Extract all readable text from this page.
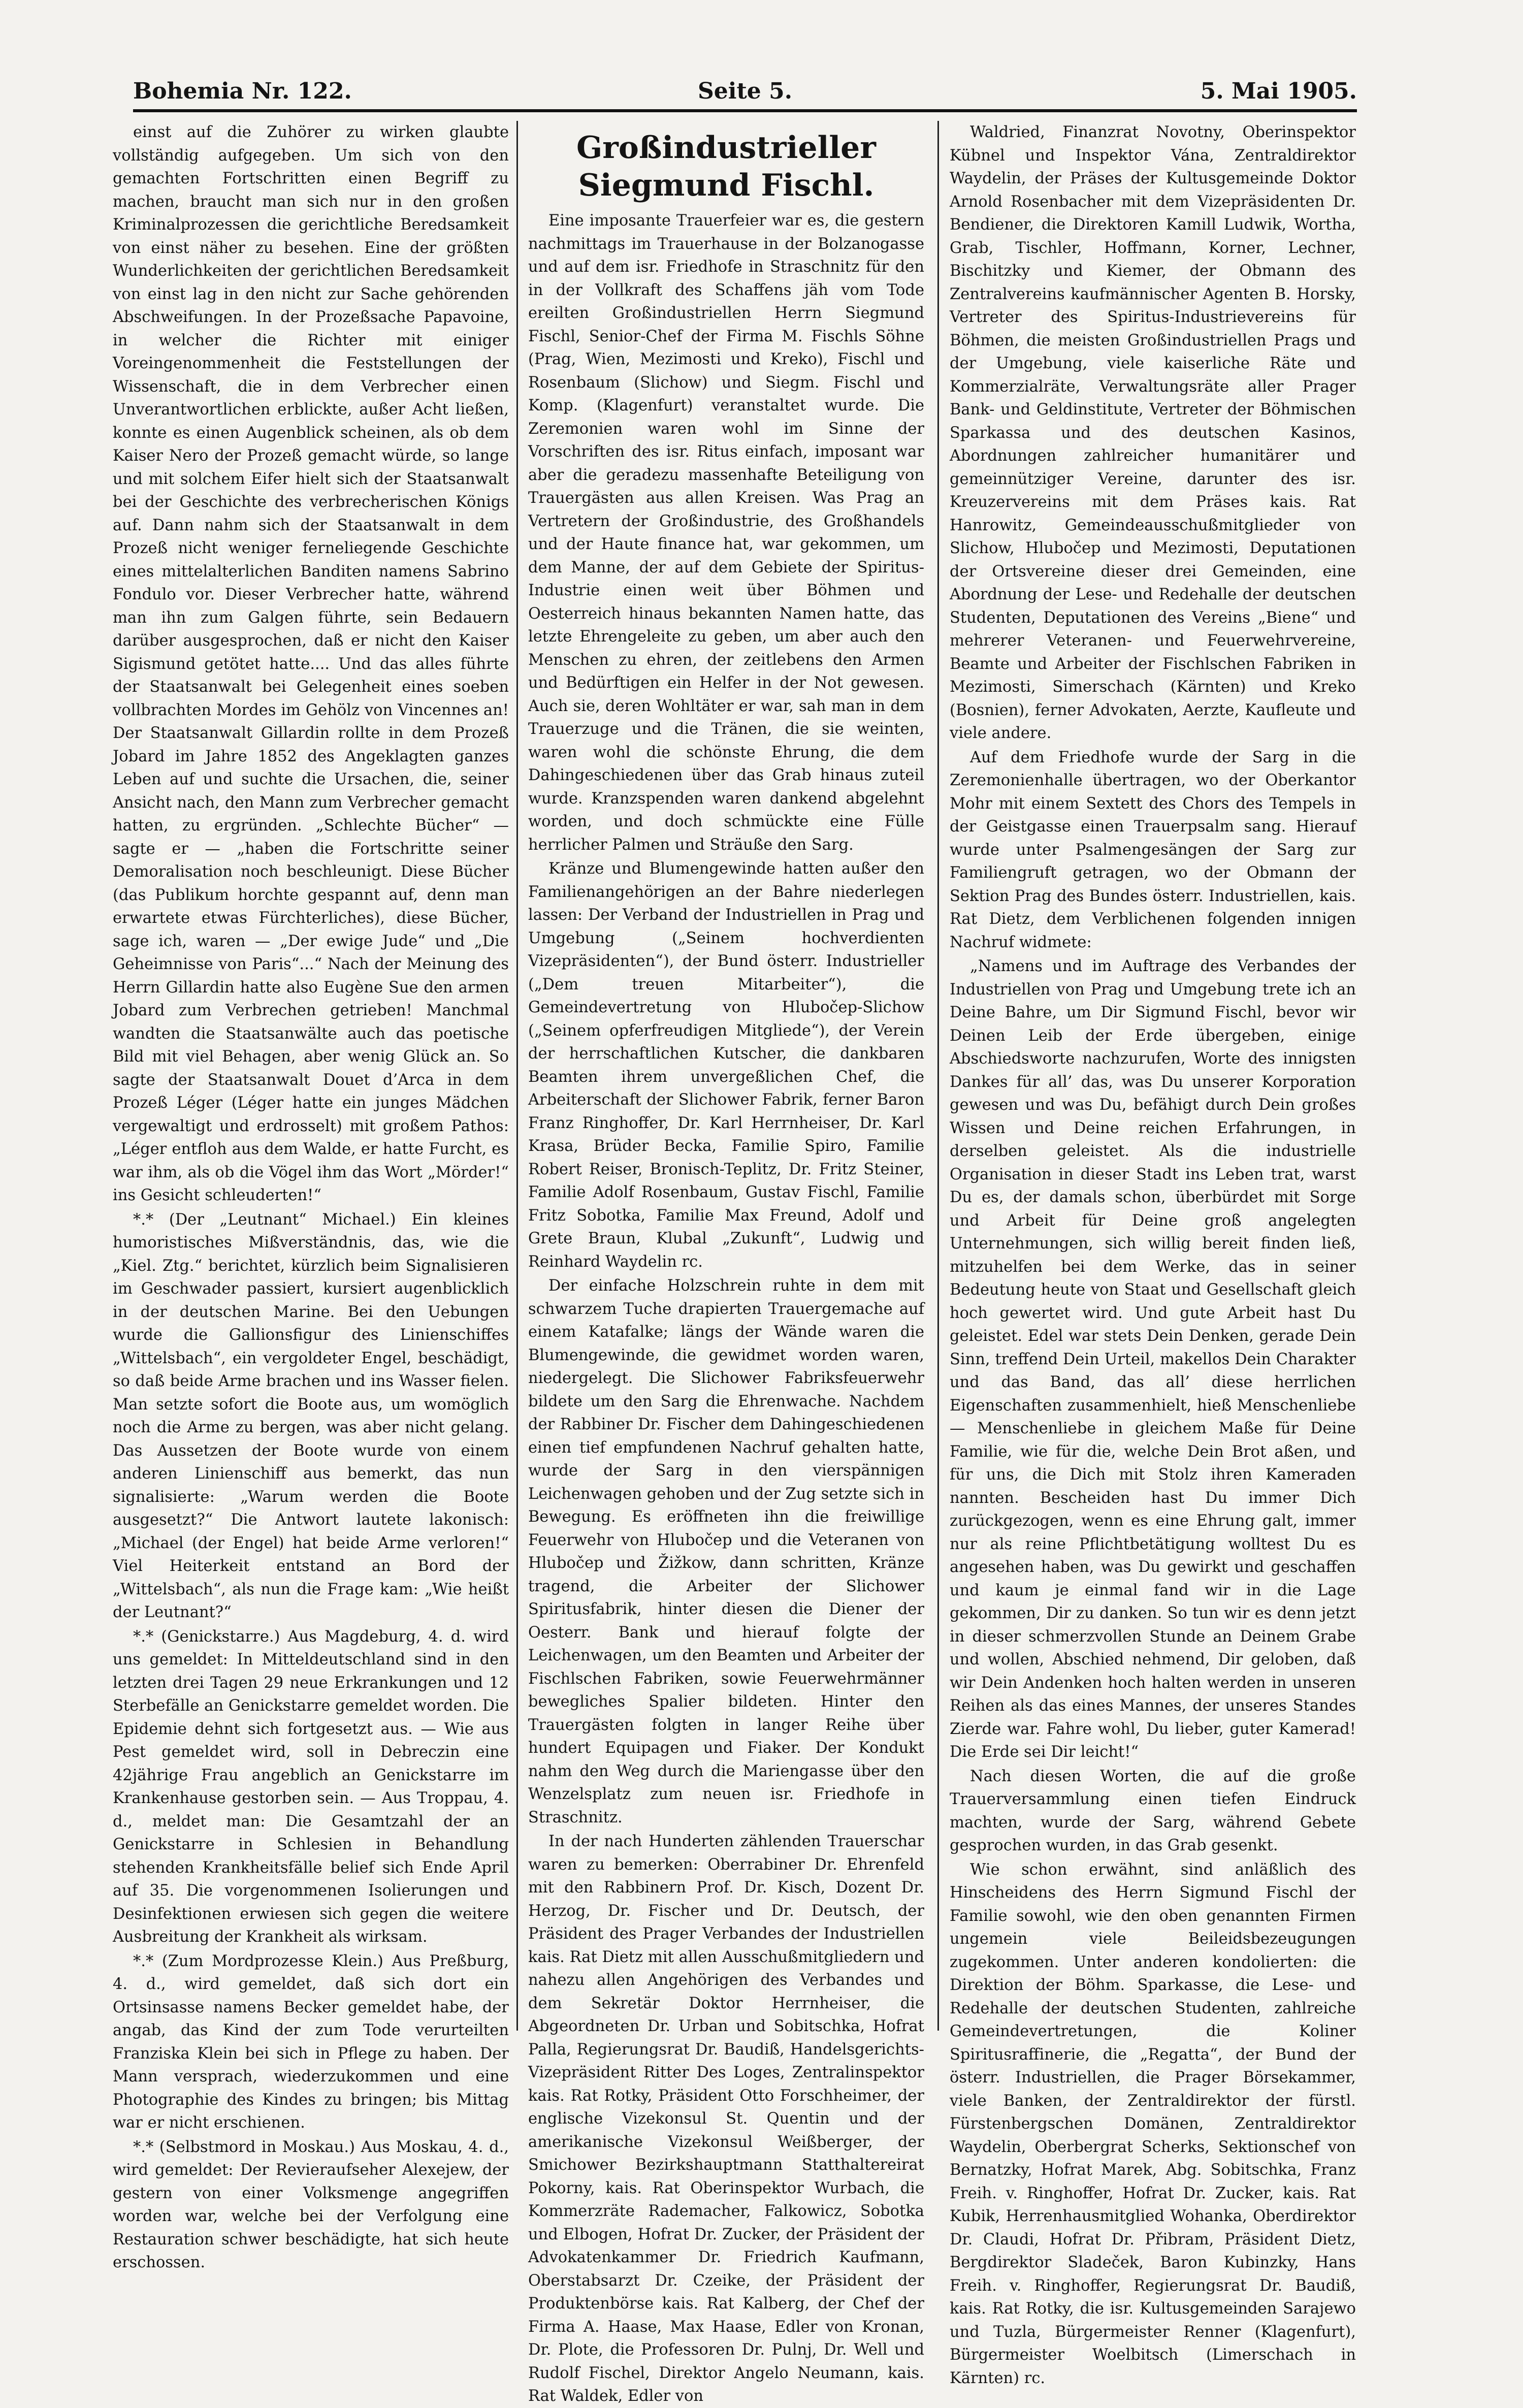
Bohemia Nr. 122.	Seite 5.	5. Mai 1905.

einst auf die Zuhörer zu wirken glaubte vollständig aufgegeben. Um sich von den gemachten Fortschritten einen Begriff zu machen, braucht man sich nur in den großen Kriminalprozessen die gerichtliche Beredsamkeit von einst näher zu besehen. Eine der größten Wunderlichkeiten der gerichtlichen Beredsamkeit von einst lag in den nicht zur Sache gehörenden Abschweifungen. In der Prozeßsache Papavoine, in welcher die Richter mit einiger Voreingenommenheit die Feststellungen der Wissenschaft, die in dem Verbrecher einen Unverantwortlichen erblickte, außer Acht ließen, konnte es einen Augenblick scheinen, als ob dem Kaiser Nero der Prozeß gemacht würde, so lange und mit solchem Eifer hielt sich der Staatsanwalt bei der Geschichte des verbrecherischen Königs auf. Dann nahm sich der Staatsanwalt in dem Prozeß nicht weniger ferneliegende Geschichte eines mittelalterlichen Banditen namens Sabrino Fondulo vor. Dieser Verbrecher hatte, während man ihn zum Galgen führte, sein Bedauern darüber ausgesprochen, daß er nicht den Kaiser Sigismund getötet hatte.... Und das alles führte der Staatsanwalt bei Gelegenheit eines soeben vollbrachten Mordes im Gehölz von Vincennes an! Der Staatsanwalt Gillardin rollte in dem Prozeß Jobard im Jahre 1852 des Angeklagten ganzes Leben auf und suchte die Ursachen, die, seiner Ansicht nach, den Mann zum Verbrecher gemacht hatten, zu ergründen. „Schlechte Bücher“ — sagte er — „haben die Fortschritte seiner Demoralisation noch beschleunigt. Diese Bücher (das Publikum horchte gespannt auf, denn man erwartete etwas Fürchterliches), diese Bücher, sage ich, waren — „Der ewige Jude“ und „Die Geheimnisse von Paris“...“ Nach der Meinung des Herrn Gillardin hatte also Eugène Sue den armen Jobard zum Verbrechen getrieben! Manchmal wandten die Staatsanwälte auch das poetische Bild mit viel Behagen, aber wenig Glück an. So sagte der Staatsanwalt Douet d’Arca in dem Prozeß Léger (Léger hatte ein junges Mädchen vergewaltigt und erdrosselt) mit großem Pathos: „Léger entfloh aus dem Walde, er hatte Furcht, es war ihm, als ob die Vögel ihm das Wort „Mörder!“ ins Gesicht schleuderten!“

*.* (Der „Leutnant“ Michael.) Ein kleines humoristisches Mißverständnis, das, wie die „Kiel. Ztg.“ berichtet, kürzlich beim Signalisieren im Geschwader passiert, kursiert augenblicklich in der deutschen Marine. Bei den Uebungen wurde die Gallionsfigur des Linienschiffes „Wittelsbach“, ein vergoldeter Engel, beschädigt, so daß beide Arme brachen und ins Wasser fielen. Man setzte sofort die Boote aus, um womöglich noch die Arme zu bergen, was aber nicht gelang. Das Aussetzen der Boote wurde von einem anderen Linienschiff aus bemerkt, das nun signalisierte: „Warum werden die Boote ausgesetzt?“ Die Antwort lautete lakonisch: „Michael (der Engel) hat beide Arme verloren!“ Viel Heiterkeit entstand an Bord der „Wittelsbach“, als nun die Frage kam: „Wie heißt der Leutnant?“

*.* (Genickstarre.) Aus Magdeburg, 4. d. wird uns gemeldet: In Mitteldeutschland sind in den letzten drei Tagen 29 neue Erkrankungen und 12 Sterbefälle an Genickstarre gemeldet worden. Die Epidemie dehnt sich fortgesetzt aus. — Wie aus Pest gemeldet wird, soll in Debreczin eine 42jährige Frau angeblich an Genickstarre im Krankenhause gestorben sein. — Aus Troppau, 4. d., meldet man: Die Gesamtzahl der an Genickstarre in Schlesien in Behandlung stehenden Krankheitsfälle belief sich Ende April auf 35. Die vorgenommenen Isolierungen und Desinfektionen erwiesen sich gegen die weitere Ausbreitung der Krankheit als wirksam.

*.* (Zum Mordprozesse Klein.) Aus Preßburg, 4. d., wird gemeldet, daß sich dort ein Ortsinsasse namens Becker gemeldet habe, der angab, das Kind der zum Tode verurteilten Franziska Klein bei sich in Pflege zu haben. Der Mann versprach, wiederzukommen und eine Photographie des Kindes zu bringen; bis Mittag war er nicht erschienen.

*.* (Selbstmord in Moskau.) Aus Moskau, 4. d., wird gemeldet: Der Revieraufseher Alexejew, der gestern von einer Volksmenge angegriffen worden war, welche bei der Verfolgung eine Restauration schwer beschädigte, hat sich heute erschossen.

Großindustrieller Siegmund Fischl.

Eine imposante Trauerfeier war es, die gestern nachmittags im Trauerhause in der Bolzanogasse und auf dem isr. Friedhofe in Straschnitz für den in der Vollkraft des Schaffens jäh vom Tode ereilten Großindustriellen Herrn Siegmund Fischl, Senior-Chef der Firma M. Fischls Söhne (Prag, Wien, Mezimosti und Kreko), Fischl und Rosenbaum (Slichow) und Siegm. Fischl und Komp. (Klagenfurt) veranstaltet wurde. Die Zeremonien waren wohl im Sinne der Vorschriften des isr. Ritus einfach, imposant war aber die geradezu massenhafte Beteiligung von Trauergästen aus allen Kreisen. Was Prag an Vertretern der Großindustrie, des Großhandels und der Haute finance hat, war gekommen, um dem Manne, der auf dem Gebiete der Spiritus-Industrie einen weit über Böhmen und Oesterreich hinaus bekannten Namen hatte, das letzte Ehrengeleite zu geben, um aber auch den Menschen zu ehren, der zeitlebens den Armen und Bedürftigen ein Helfer in der Not gewesen. Auch sie, deren Wohltäter er war, sah man in dem Trauerzuge und die Tränen, die sie weinten, waren wohl die schönste Ehrung, die dem Dahingeschiedenen über das Grab hinaus zuteil wurde. Kranzspenden waren dankend abgelehnt worden, und doch schmückte eine Fülle herrlicher Palmen und Sträuße den Sarg.

Kränze und Blumengewinde hatten außer den Familienangehörigen an der Bahre niederlegen lassen: Der Verband der Industriellen in Prag und Umgebung („Seinem hochverdienten Vizepräsidenten“), der Bund österr. Industrieller („Dem treuen Mitarbeiter“), die Gemeindevertretung von Hlubočep-Slichow („Seinem opferfreudigen Mitgliede“), der Verein der herrschaftlichen Kutscher, die dankbaren Beamten ihrem unvergeßlichen Chef, die Arbeiterschaft der Slichower Fabrik, ferner Baron Franz Ringhoffer, Dr. Karl Herrnheiser, Dr. Karl Krasa, Brüder Becka, Familie Spiro, Familie Robert Reiser, Bronisch-Teplitz, Dr. Fritz Steiner, Familie Adolf Rosenbaum, Gustav Fischl, Familie Fritz Sobotka, Familie Max Freund, Adolf und Grete Braun, Klubal „Zukunft“, Ludwig und Reinhard Waydelin rc.

Der einfache Holzschrein ruhte in dem mit schwarzem Tuche drapierten Trauergemache auf einem Katafalke; längs der Wände waren die Blumengewinde, die gewidmet worden waren, niedergelegt. Die Slichower Fabriksfeuerwehr bildete um den Sarg die Ehrenwache. Nachdem der Rabbiner Dr. Fischer dem Dahingeschiedenen einen tief empfundenen Nachruf gehalten hatte, wurde der Sarg in den vierspännigen Leichenwagen gehoben und der Zug setzte sich in Bewegung. Es eröffneten ihn die freiwillige Feuerwehr von Hlubočep und die Veteranen von Hlubočep und Žižkow, dann schritten, Kränze tragend, die Arbeiter der Slichower Spiritusfabrik, hinter diesen die Diener der Oesterr. Bank und hierauf folgte der Leichenwagen, um den Beamten und Arbeiter der Fischlschen Fabriken, sowie Feuerwehrmänner bewegliches Spalier bildeten. Hinter den Trauergästen folgten in langer Reihe über hundert Equipagen und Fiaker. Der Kondukt nahm den Weg durch die Mariengasse über den Wenzelsplatz zum neuen isr. Friedhofe in Straschnitz.

In der nach Hunderten zählenden Trauerschar waren zu bemerken: Oberrabiner Dr. Ehrenfeld mit den Rabbinern Prof. Dr. Kisch, Dozent Dr. Herzog, Dr. Fischer und Dr. Deutsch, der Präsident des Prager Verbandes der Industriellen kais. Rat Dietz mit allen Ausschußmitgliedern und nahezu allen Angehörigen des Verbandes und dem Sekretär Doktor Herrnheiser, die Abgeordneten Dr. Urban und Sobitschka, Hofrat Palla, Regierungsrat Dr. Baudiß, Handelsgerichts-Vizepräsident Ritter Des Loges, Zentralinspektor kais. Rat Rotky, Präsident Otto Forschheimer, der englische Vizekonsul St. Quentin und der amerikanische Vizekonsul Weißberger, der Smichower Bezirkshauptmann Statthaltereirat Pokorny, kais. Rat Oberinspektor Wurbach, die Kommerzräte Rademacher, Falkowicz, Sobotka und Elbogen, Hofrat Dr. Zucker, der Präsident der Advokatenkammer Dr. Friedrich Kaufmann, Oberstabsarzt Dr. Czeike, der Präsident der Produktenbörse kais. Rat Kalberg, der Chef der Firma A. Haase, Max Haase, Edler von Kronan, Dr. Plote, die Professoren Dr. Pulnj, Dr. Well und Rudolf Fischel, Direktor Angelo Neumann, kais. Rat Waldek, Edler von

Waldried, Finanzrat Novotny, Oberinspektor Kübnel und Inspektor Vána, Zentraldirektor Waydelin, der Präses der Kultusgemeinde Doktor Arnold Rosenbacher mit dem Vizepräsidenten Dr. Bendiener, die Direktoren Kamill Ludwik, Wortha, Grab, Tischler, Hoffmann, Korner, Lechner, Bischitzky und Kiemer, der Obmann des Zentralvereins kaufmännischer Agenten B. Horsky, Vertreter des Spiritus-Industrievereins für Böhmen, die meisten Großindustriellen Prags und der Umgebung, viele kaiserliche Räte und Kommerzialräte, Verwaltungsräte aller Prager Bank- und Geldinstitute, Vertreter der Böhmischen Sparkassa und des deutschen Kasinos, Abordnungen zahlreicher humanitärer und gemeinnütziger Vereine, darunter des isr. Kreuzervereins mit dem Präses kais. Rat Hanrowitz, Gemeindeausschußmitglieder von Slichow, Hlubočep und Mezimosti, Deputationen der Ortsvereine dieser drei Gemeinden, eine Abordnung der Lese- und Redehalle der deutschen Studenten, Deputationen des Vereins „Biene“ und mehrerer Veteranen- und Feuerwehrvereine, Beamte und Arbeiter der Fischlschen Fabriken in Mezimosti, Simerschach (Kärnten) und Kreko (Bosnien), ferner Advokaten, Aerzte, Kaufleute und viele andere.

Auf dem Friedhofe wurde der Sarg in die Zeremonienhalle übertragen, wo der Oberkantor Mohr mit einem Sextett des Chors des Tempels in der Geistgasse einen Trauerpsalm sang. Hierauf wurde unter Psalmengesängen der Sarg zur Familiengruft getragen, wo der Obmann der Sektion Prag des Bundes österr. Industriellen, kais. Rat Dietz, dem Verblichenen folgenden innigen Nachruf widmete:

„Namens und im Auftrage des Verbandes der Industriellen von Prag und Umgebung trete ich an Deine Bahre, um Dir Sigmund Fischl, bevor wir Deinen Leib der Erde übergeben, einige Abschiedsworte nachzurufen, Worte des innigsten Dankes für all’ das, was Du unserer Korporation gewesen und was Du, befähigt durch Dein großes Wissen und Deine reichen Erfahrungen, in derselben geleistet. Als die industrielle Organisation in dieser Stadt ins Leben trat, warst Du es, der damals schon, überbürdet mit Sorge und Arbeit für Deine groß angelegten Unternehmungen, sich willig bereit finden ließ, mitzuhelfen bei dem Werke, das in seiner Bedeutung heute von Staat und Gesellschaft gleich hoch gewertet wird. Und gute Arbeit hast Du geleistet. Edel war stets Dein Denken, gerade Dein Sinn, treffend Dein Urteil, makellos Dein Charakter und das Band, das all’ diese herrlichen Eigenschaften zusammenhielt, hieß Menschenliebe — Menschenliebe in gleichem Maße für Deine Familie, wie für die, welche Dein Brot aßen, und für uns, die Dich mit Stolz ihren Kameraden nannten. Bescheiden hast Du immer Dich zurückgezogen, wenn es eine Ehrung galt, immer nur als reine Pflichtbetätigung wolltest Du es angesehen haben, was Du gewirkt und geschaffen und kaum je einmal fand wir in die Lage gekommen, Dir zu danken. So tun wir es denn jetzt in dieser schmerzvollen Stunde an Deinem Grabe und wollen, Abschied nehmend, Dir geloben, daß wir Dein Andenken hoch halten werden in unseren Reihen als das eines Mannes, der unseres Standes Zierde war. Fahre wohl, Du lieber, guter Kamerad! Die Erde sei Dir leicht!“

Nach diesen Worten, die auf die große Trauerversammlung einen tiefen Eindruck machten, wurde der Sarg, während Gebete gesprochen wurden, in das Grab gesenkt.

Wie schon erwähnt, sind anläßlich des Hinscheidens des Herrn Sigmund Fischl der Familie sowohl, wie den oben genannten Firmen ungemein viele Beileidsbezeugungen zugekommen. Unter anderen kondolierten: die Direktion der Böhm. Sparkasse, die Lese- und Redehalle der deutschen Studenten, zahlreiche Gemeindevertretungen, die Koliner Spiritusraffinerie, die „Regatta“, der Bund der österr. Industriellen, die Prager Börsekammer, viele Banken, der Zentraldirektor der fürstl. Fürstenbergschen Domänen, Zentraldirektor Waydelin, Oberbergrat Scherks, Sektionschef von Bernatzky, Hofrat Marek, Abg. Sobitschka, Franz Freih. v. Ringhoffer, Hofrat Dr. Zucker, kais. Rat Kubik, Herrenhausmitglied Wohanka, Oberdirektor Dr. Claudi, Hofrat Dr. Přibram, Präsident Dietz, Bergdirektor Sladeček, Baron Kubinzky, Hans Freih. v. Ringhoffer, Regierungsrat Dr. Baudiß, kais. Rat Rotky, die isr. Kultusgemeinden Sarajewo und Tuzla, Bürgermeister Renner (Klagenfurt), Bürgermeister Woelbitsch (Limerschach in Kärnten) rc.
